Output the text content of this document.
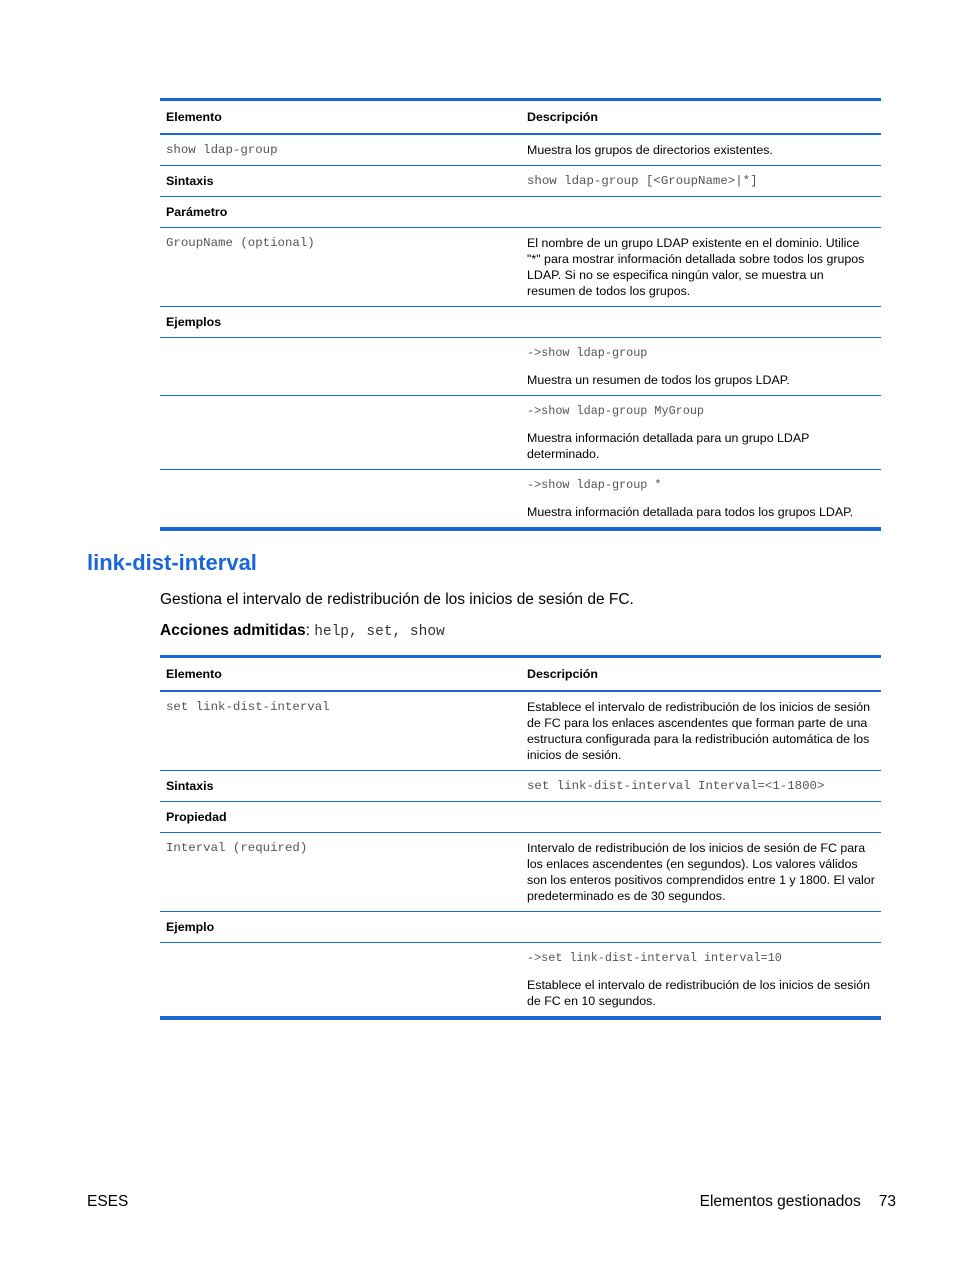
Elemento	Descripción
show ldap-group	Muestra los grupos de directorios existentes.
Sintaxis	show ldap-group [<GroupName>|*]
Parámetro	
GroupName (optional)	El nombre de un grupo LDAP existente en el dominio. Utilice "*" para mostrar información detallada sobre todos los grupos LDAP. Si no se especifica ningún valor, se muestra un resumen de todos los grupos.
Ejemplos	

	->show ldap-group
Muestra un resumen de todos los grupos LDAP.

	->show ldap-group MyGroup
Muestra información detallada para un grupo LDAP determinado.

	->show ldap-group *
Muestra información detallada para todos los grupos LDAP.
link-dist-interval

Gestiona el intervalo de redistribución de los inicios de sesión de FC.

Acciones admitidas: help, set, show

Elemento	Descripción
set link-dist-interval	Establece el intervalo de redistribución de los inicios de sesión de FC para los enlaces ascendentes que forman parte de una estructura configurada para la redistribución automática de los inicios de sesión.
Sintaxis	set link-dist-interval Interval=<1-1800>
Propiedad	
Interval (required)	Intervalo de redistribución de los inicios de sesión de FC para los enlaces ascendentes (en segundos). Los valores válidos son los enteros positivos comprendidos entre 1 y 1800. El valor predeterminado es de 30 segundos.
Ejemplo	

	->set link-dist-interval interval=10
Establece el intervalo de redistribución de los inicios de sesión de FC en 10 segundos.
ESES	Elementos gestionados 73
